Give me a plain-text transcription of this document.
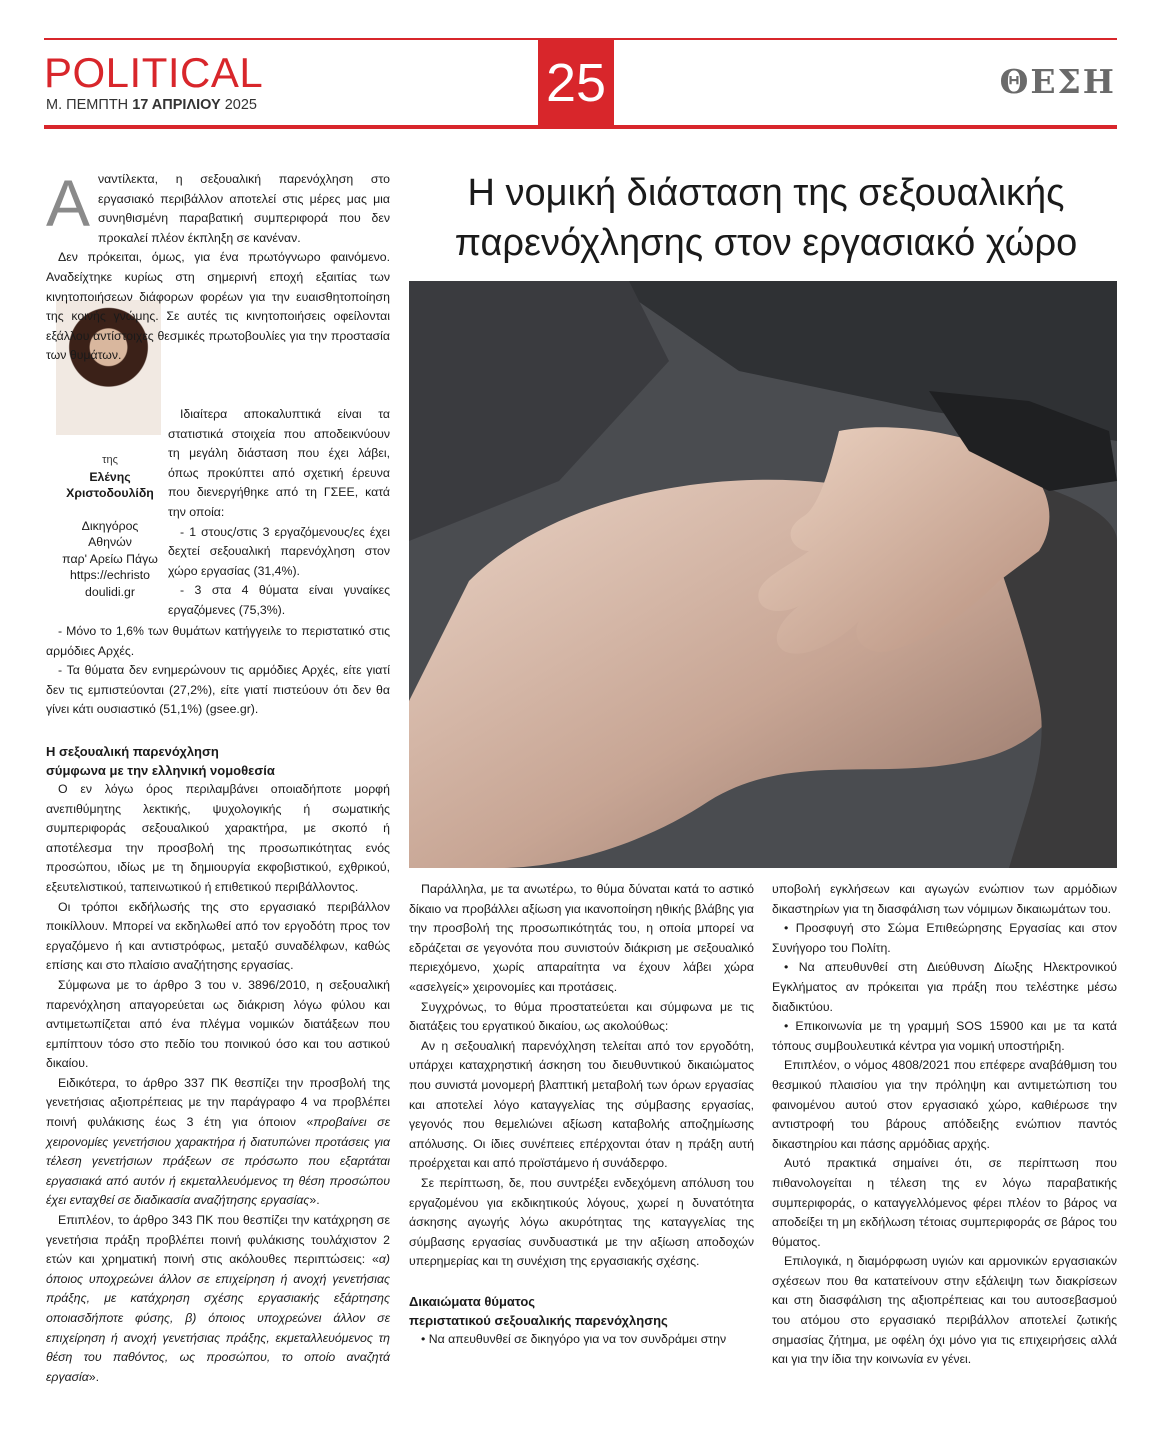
POLITICAL
Μ. ΠΕΜΠΤΗ 17 ΑΠΡΙΛΙΟΥ 2025	25	ΘΕΣΗ
Η νομική διάσταση της σεξουαλικής
παρενόχλησης στον εργασιακό χώρο
της
Ελένης
Χριστοδουλίδη
Δικηγόρος
Αθηνών
παρ' Αρείω Πάγω
https://echristo
doulidi.gr

Αναντίλεκτα, η σεξουαλική παρενόχληση στο εργασιακό περιβάλλον αποτελεί στις μέρες μας μια συνηθισμένη παραβατική συμπεριφορά που δεν προκαλεί πλέον έκπληξη σε κανέναν.

Δεν πρόκειται, όμως, για ένα πρωτόγνωρο φαινόμενο. Αναδείχτηκε κυρίως στη σημερινή εποχή εξαιτίας των κινητοποιήσεων διάφορων φορέων για την ευαισθητοποίηση της κοινής γνώμης. Σε αυτές τις κινητοποιήσεις οφείλονται εξάλλου αντίστοιχες θεσμικές πρωτοβουλίες για την προστασία των θυμάτων.

Ιδιαίτερα αποκαλυπτικά είναι τα στατιστικά στοιχεία που αποδεικνύουν τη μεγάλη διάσταση που έχει λάβει, όπως προκύπτει από σχετική έρευνα που διενεργήθηκε από τη ΓΣΕΕ, κατά την οποία:

- 1 στους/στις 3 εργαζόμενους/ες έχει δεχτεί σεξουαλική παρενόχληση στον χώρο εργασίας (31,4%).

- 3 στα 4 θύματα είναι γυναίκες εργαζόμενες (75,3%).

- Μόνο το 1,6% των θυμάτων κατήγγειλε το περιστατικό στις αρμόδιες Αρχές.

- Τα θύματα δεν ενημερώνουν τις αρμόδιες Αρχές, είτε γιατί δεν τις εμπιστεύονται (27,2%), είτε γιατί πιστεύουν ότι δεν θα γίνει κάτι ουσιαστικό (51,1%) (gsee.gr).

Η σεξουαλική παρενόχληση
σύμφωνα με την ελληνική νομοθεσία

Ο εν λόγω όρος περιλαμβάνει οποιαδήποτε μορφή ανεπιθύμητης λεκτικής, ψυχολογικής ή σωματικής συμπεριφοράς σεξουαλικού χαρακτήρα, με σκοπό ή αποτέλεσμα την προσβολή της προσωπικότητας ενός προσώπου, ιδίως με τη δημιουργία εκφοβιστικού, εχθρικού, εξευτελιστικού, ταπεινωτικού ή επιθετικού περιβάλλοντος.

Οι τρόποι εκδήλωσής της στο εργασιακό περιβάλλον ποικίλλουν. Μπορεί να εκδηλωθεί από τον εργοδότη προς τον εργαζόμενο ή και αντιστρόφως, μεταξύ συναδέλφων, καθώς επίσης και στο πλαίσιο αναζήτησης εργασίας.

Σύμφωνα με το άρθρο 3 του ν. 3896/2010, η σεξουαλική παρενόχληση απαγορεύεται ως διάκριση λόγω φύλου και αντιμετωπίζεται από ένα πλέγμα νομικών διατάξεων που εμπίπτουν τόσο στο πεδίο του ποινικού όσο και του αστικού δικαίου.

Ειδικότερα, το άρθρο 337 ΠΚ θεσπίζει την προσβολή της γενετήσιας αξιοπρέπειας με την παράγραφο 4 να προβλέπει ποινή φυλάκισης έως 3 έτη για όποιον «προβαίνει σε χειρονομίες γενετήσιου χαρακτήρα ή διατυπώνει προτάσεις για τέλεση γενετήσιων πράξεων σε πρόσωπο που εξαρτάται εργασιακά από αυτόν ή εκμεταλλευόμενος τη θέση προσώπου έχει ενταχθεί σε διαδικασία αναζήτησης εργασίας».

Επιπλέον, το άρθρο 343 ΠΚ που θεσπίζει την κατάχρηση σε γενετήσια πράξη προβλέπει ποινή φυλάκισης τουλάχιστον 2 ετών και χρηματική ποινή στις ακόλουθες περιπτώσεις: «α) όποιος υποχρεώνει άλλον σε επιχείρηση ή ανοχή γενετήσιας πράξης, με κατάχρηση σχέσης εργασιακής εξάρτησης οποιασδήποτε φύσης, β) όποιος υποχρεώνει άλλον σε επιχείρηση ή ανοχή γενετήσιας πράξης, εκμεταλλευόμενος τη θέση του παθόντος, ως προσώπου, το οποίο αναζητά εργασία».

Παράλληλα, με τα ανωτέρω, το θύμα δύναται κατά το αστικό δίκαιο να προβάλλει αξίωση για ικανοποίηση ηθικής βλάβης για την προσβολή της προσωπικότητάς του, η οποία μπορεί να εδράζεται σε γεγονότα που συνιστούν διάκριση με σεξουαλικό περιεχόμενο, χωρίς απαραίτητα να έχουν λάβει χώρα «ασελγείς» χειρονομίες και προτάσεις.

Συγχρόνως, το θύμα προστατεύεται και σύμφωνα με τις διατάξεις του εργατικού δικαίου, ως ακολούθως:

Αν η σεξουαλική παρενόχληση τελείται από τον εργοδότη, υπάρχει καταχρηστική άσκηση του διευθυντικού δικαιώματος που συνιστά μονομερή βλαπτική μεταβολή των όρων εργασίας και αποτελεί λόγο καταγγελίας της σύμβασης εργασίας, γεγονός που θεμελιώνει αξίωση καταβολής αποζημίωσης απόλυσης. Οι ίδιες συνέπειες επέρχονται όταν η πράξη αυτή προέρχεται και από προϊστάμενο ή συνάδερφο.

Σε περίπτωση, δε, που συντρέξει ενδεχόμενη απόλυση του εργαζομένου για εκδικητικούς λόγους, χωρεί η δυνατότητα άσκησης αγωγής λόγω ακυρότητας της καταγγελίας της σύμβασης εργασίας συνδυαστικά με την αξίωση αποδοχών υπερημερίας και τη συνέχιση της εργασιακής σχέσης.

Δικαιώματα θύματος
περιστατικού σεξουαλικής παρενόχλησης

• Να απευθυνθεί σε δικηγόρο για να τον συνδράμει στην

υποβολή εγκλήσεων και αγωγών ενώπιον των αρμόδιων δικαστηρίων για τη διασφάλιση των νόμιμων δικαιωμάτων του.

• Προσφυγή στο Σώμα Επιθεώρησης Εργασίας και στον Συνήγορο του Πολίτη.

• Να απευθυνθεί στη Διεύθυνση Δίωξης Ηλεκτρονικού Εγκλήματος αν πρόκειται για πράξη που τελέστηκε μέσω διαδικτύου.

• Επικοινωνία με τη γραμμή SOS 15900 και με τα κατά τόπους συμβουλευτικά κέντρα για νομική υποστήριξη.

Επιπλέον, ο νόμος 4808/2021 που επέφερε αναβάθμιση του θεσμικού πλαισίου για την πρόληψη και αντιμετώπιση του φαινομένου αυτού στον εργασιακό χώρο, καθιέρωσε την αντιστροφή του βάρους απόδειξης ενώπιον παντός δικαστηρίου και πάσης αρμόδιας αρχής.

Αυτό πρακτικά σημαίνει ότι, σε περίπτωση που πιθανολογείται η τέλεση της εν λόγω παραβατικής συμπεριφοράς, ο καταγγελλόμενος φέρει πλέον το βάρος να αποδείξει τη μη εκδήλωση τέτοιας συμπεριφοράς σε βάρος του θύματος.

Επιλογικά, η διαμόρφωση υγιών και αρμονικών εργασιακών σχέσεων που θα κατατείνουν στην εξάλειψη των διακρίσεων και στη διασφάλιση της αξιοπρέπειας και του αυτοσεβασμού του ατόμου στο εργασιακό περιβάλλον αποτελεί ζωτικής σημασίας ζήτημα, με οφέλη όχι μόνο για τις επιχειρήσεις αλλά και για την ίδια την κοινωνία εν γένει.
